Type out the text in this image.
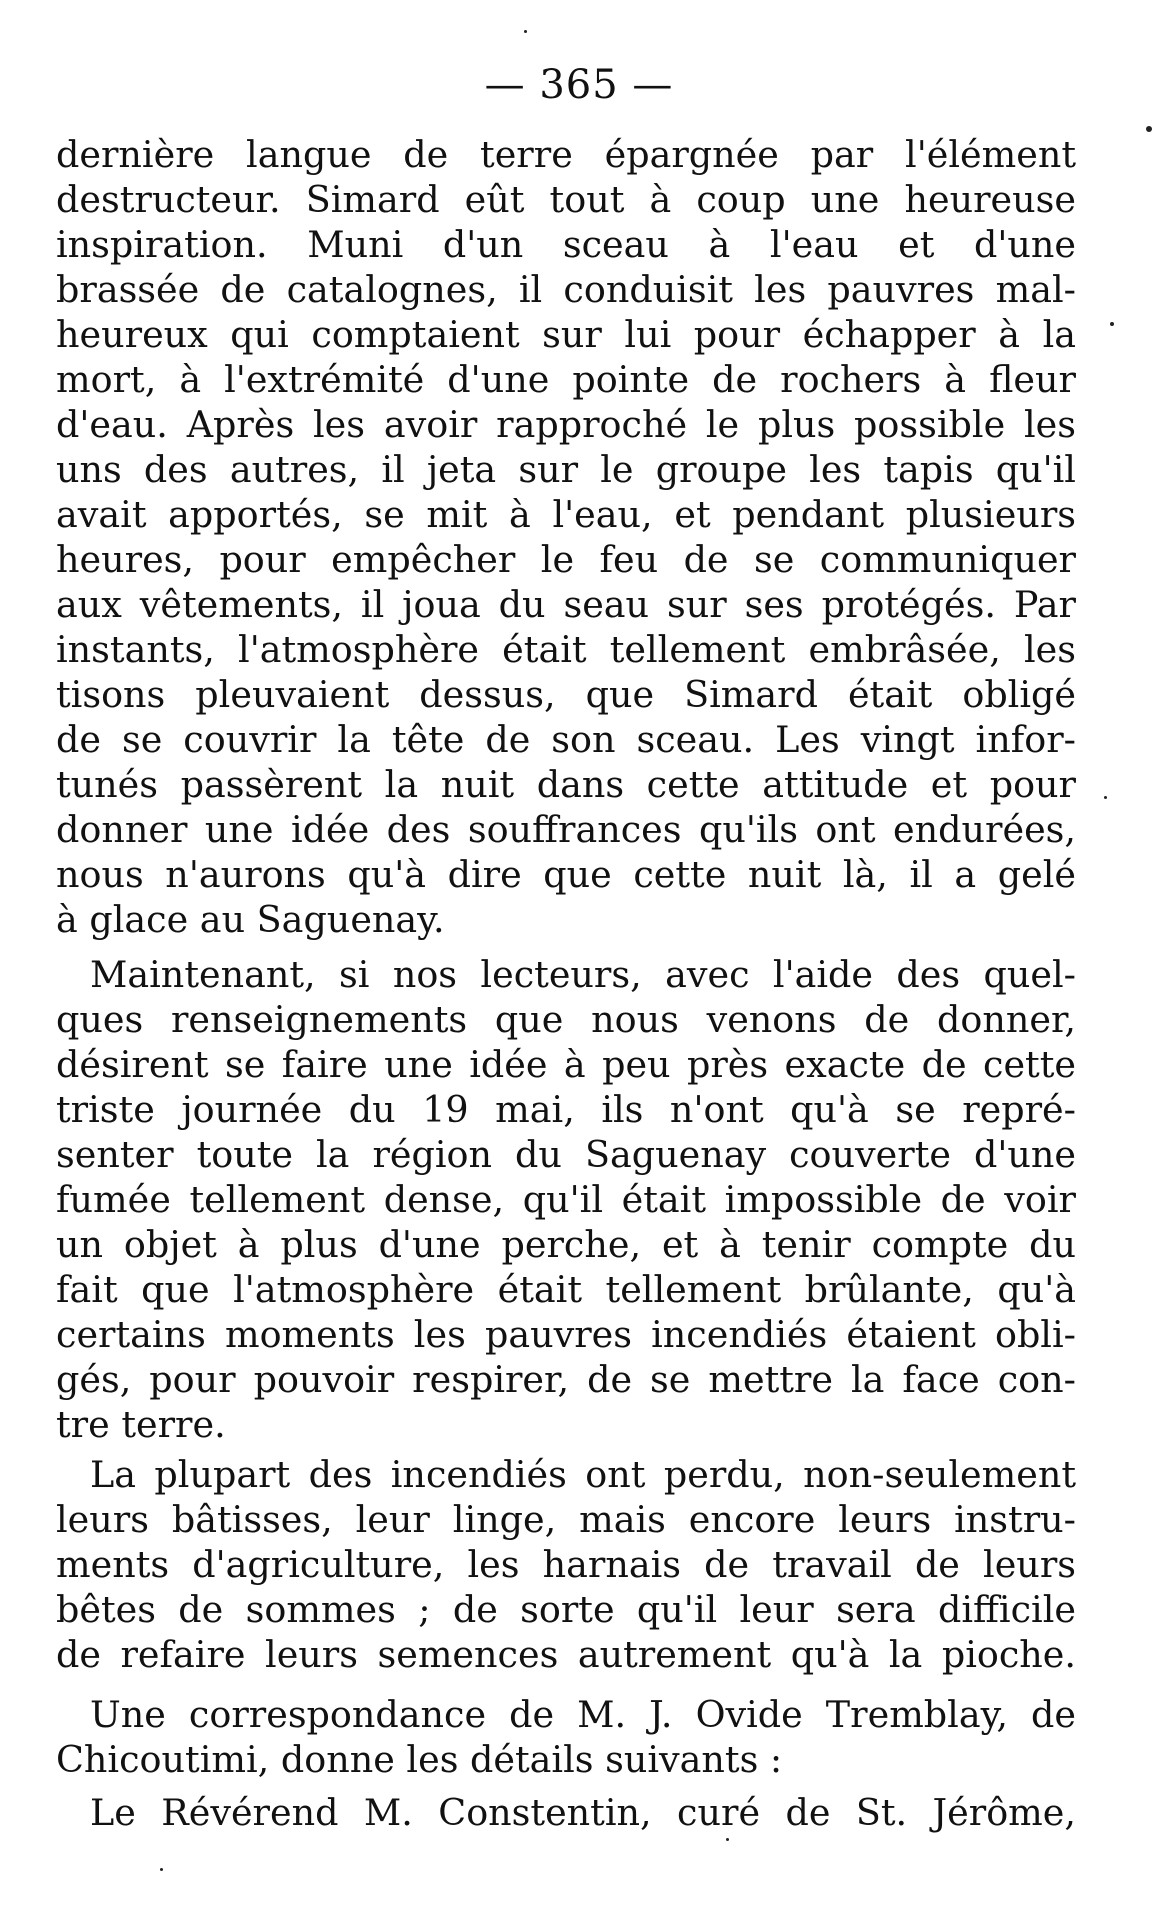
— 365 —
dernière langue de terre épargnée par l'élément
destructeur. Simard eût tout à coup une heureuse
inspiration. Muni d'un sceau à l'eau et d'une
brassée de catalognes, il conduisit les pauvres mal-
heureux qui comptaient sur lui pour échapper à la
mort, à l'extrémité d'une pointe de rochers à fleur
d'eau. Après les avoir rapproché le plus possible les
uns des autres, il jeta sur le groupe les tapis qu'il
avait apportés, se mit à l'eau, et pendant plusieurs
heures, pour empêcher le feu de se communiquer
aux vêtements, il joua du seau sur ses protégés. Par
instants, l'atmosphère était tellement embrâsée, les
tisons pleuvaient dessus, que Simard était obligé
de se couvrir la tête de son sceau. Les vingt infor-
tunés passèrent la nuit dans cette attitude et pour
donner une idée des souffrances qu'ils ont endurées,
nous n'aurons qu'à dire que cette nuit là, il a gelé
à glace au Saguenay.
Maintenant, si nos lecteurs, avec l'aide des quel-
ques renseignements que nous venons de donner,
désirent se faire une idée à peu près exacte de cette
triste journée du 19 mai, ils n'ont qu'à se repré-
senter toute la région du Saguenay couverte d'une
fumée tellement dense, qu'il était impossible de voir
un objet à plus d'une perche, et à tenir compte du
fait que l'atmosphère était tellement brûlante, qu'à
certains moments les pauvres incendiés étaient obli-
gés, pour pouvoir respirer, de se mettre la face con-
tre terre.
La plupart des incendiés ont perdu, non-seulement
leurs bâtisses, leur linge, mais encore leurs instru-
ments d'agriculture, les harnais de travail de leurs
bêtes de sommes ; de sorte qu'il leur sera difficile
de refaire leurs semences autrement qu'à la pioche.
Une correspondance de M. J. Ovide Tremblay, de
Chicoutimi, donne les détails suivants :
Le Révérend M. Constentin, curé de St. Jérôme,
